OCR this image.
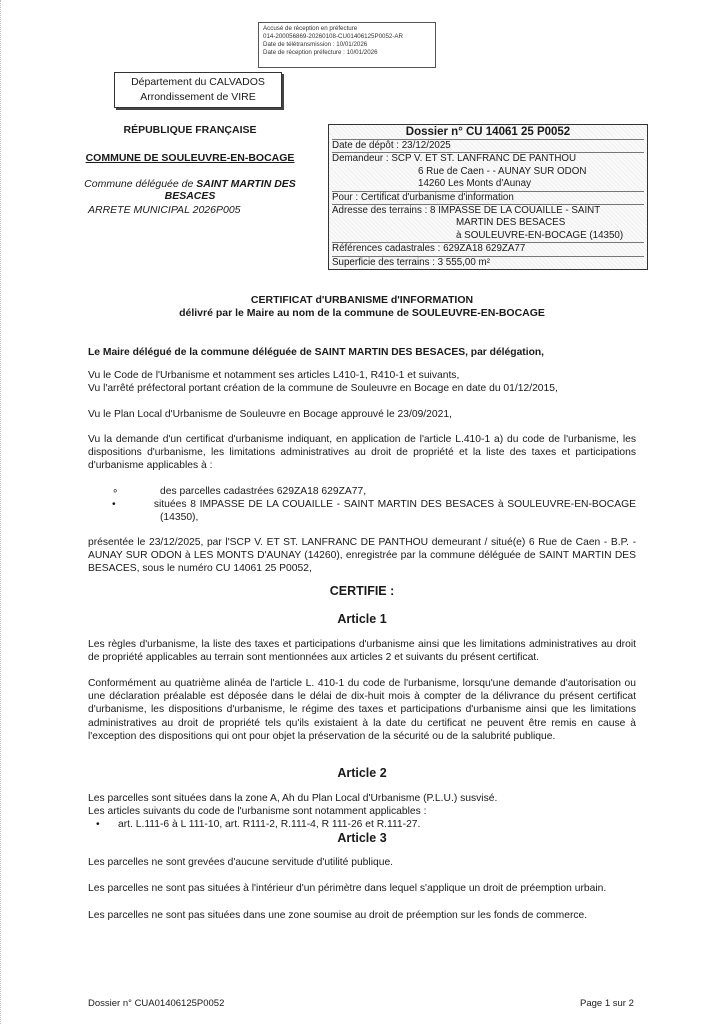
Accusé de réception en préfecture
014-200056869-20260108-CU01406125P0052-AR
Date de télétransmission : 10/01/2026
Date de réception préfecture : 10/01/2026
Département du CALVADOS
Arrondissement de VIRE
RÉPUBLIQUE FRANÇAISE
COMMUNE DE SOULEUVRE-EN-BOCAGE
Commune déléguée de SAINT MARTIN DES BESACES
ARRETE MUNICIPAL 2026P005
Dossier n° CU 14061 25 P0052
Date de dépôt : 23/12/2025
Demandeur : SCP V. ET ST. LANFRANC DE PANTHOU
6 Rue de Caen - - AUNAY SUR ODON
14260 Les Monts d'Aunay
Pour : Certificat d'urbanisme d'information
Adresse des terrains : 8 IMPASSE DE LA COUAILLE - SAINT
MARTIN DES BESACES
à SOULEUVRE-EN-BOCAGE (14350)
Références cadastrales : 629ZA18 629ZA77
Superficie des terrains : 3 555,00 m²
CERTIFICAT d'URBANISME d'INFORMATION
délivré par le Maire au nom de la commune de SOULEUVRE-EN-BOCAGE
Le Maire délégué de la commune déléguée de SAINT MARTIN DES BESACES, par délégation,
Vu le Code de l'Urbanisme et notamment ses articles L410-1, R410-1 et suivants,
Vu l'arrêté préfectoral portant création de la commune de Souleuvre en Bocage en date du 01/12/2015,
Vu le Plan Local d'Urbanisme de Souleuvre en Bocage approuvé le 23/09/2021,
Vu la demande d'un certificat d'urbanisme indiquant, en application de l'article L.410-1 a) du code de l'urbanisme, les dispositions d'urbanisme, les limitations administratives au droit de propriété et la liste des taxes et participations d'urbanisme applicables à :
∘	des parcelles cadastrées 629ZA18 629ZA77,
•	situées 8 IMPASSE DE LA COUAILLE - SAINT MARTIN DES BESACES à SOULEUVRE-EN-BOCAGE (14350),
présentée le 23/12/2025, par l'SCP V. ET ST. LANFRANC DE PANTHOU demeurant / situé(e) 6 Rue de Caen - B.P. - AUNAY SUR ODON à LES MONTS D'AUNAY (14260), enregistrée par la commune déléguée de SAINT MARTIN DES BESACES, sous le numéro CU 14061 25 P0052,
CERTIFIE :
Article 1
Les règles d'urbanisme, la liste des taxes et participations d'urbanisme ainsi que les limitations administratives au droit de propriété applicables au terrain sont mentionnées aux articles 2 et suivants du présent certificat.
Conformément au quatrième alinéa de l'article L. 410-1 du code de l'urbanisme, lorsqu'une demande d'autorisation ou une déclaration préalable est déposée dans le délai de dix-huit mois à compter de la délivrance du présent certificat d'urbanisme, les dispositions d'urbanisme, le régime des taxes et participations d'urbanisme ainsi que les limitations administratives au droit de propriété tels qu'ils existaient à la date du certificat ne peuvent être remis en cause à l'exception des dispositions qui ont pour objet la préservation de la sécurité ou de la salubrité publique.
Article 2
Les parcelles sont situées dans la zone A, Ah du Plan Local d'Urbanisme (P.L.U.) susvisé.
Les articles suivants du code de l'urbanisme sont notamment applicables :
•	art. L.111-6 à L 111-10, art. R111-2, R.111-4, R 111-26 et R.111-27.
Article 3
Les parcelles ne sont grevées d'aucune servitude d'utilité publique.
Les parcelles ne sont pas situées à l'intérieur d'un périmètre dans lequel s'applique un droit de préemption urbain.
Les parcelles ne sont pas situées dans une zone soumise au droit de préemption sur les fonds de commerce.
Dossier n° CUA01406125P0052	Page 1 sur 2
